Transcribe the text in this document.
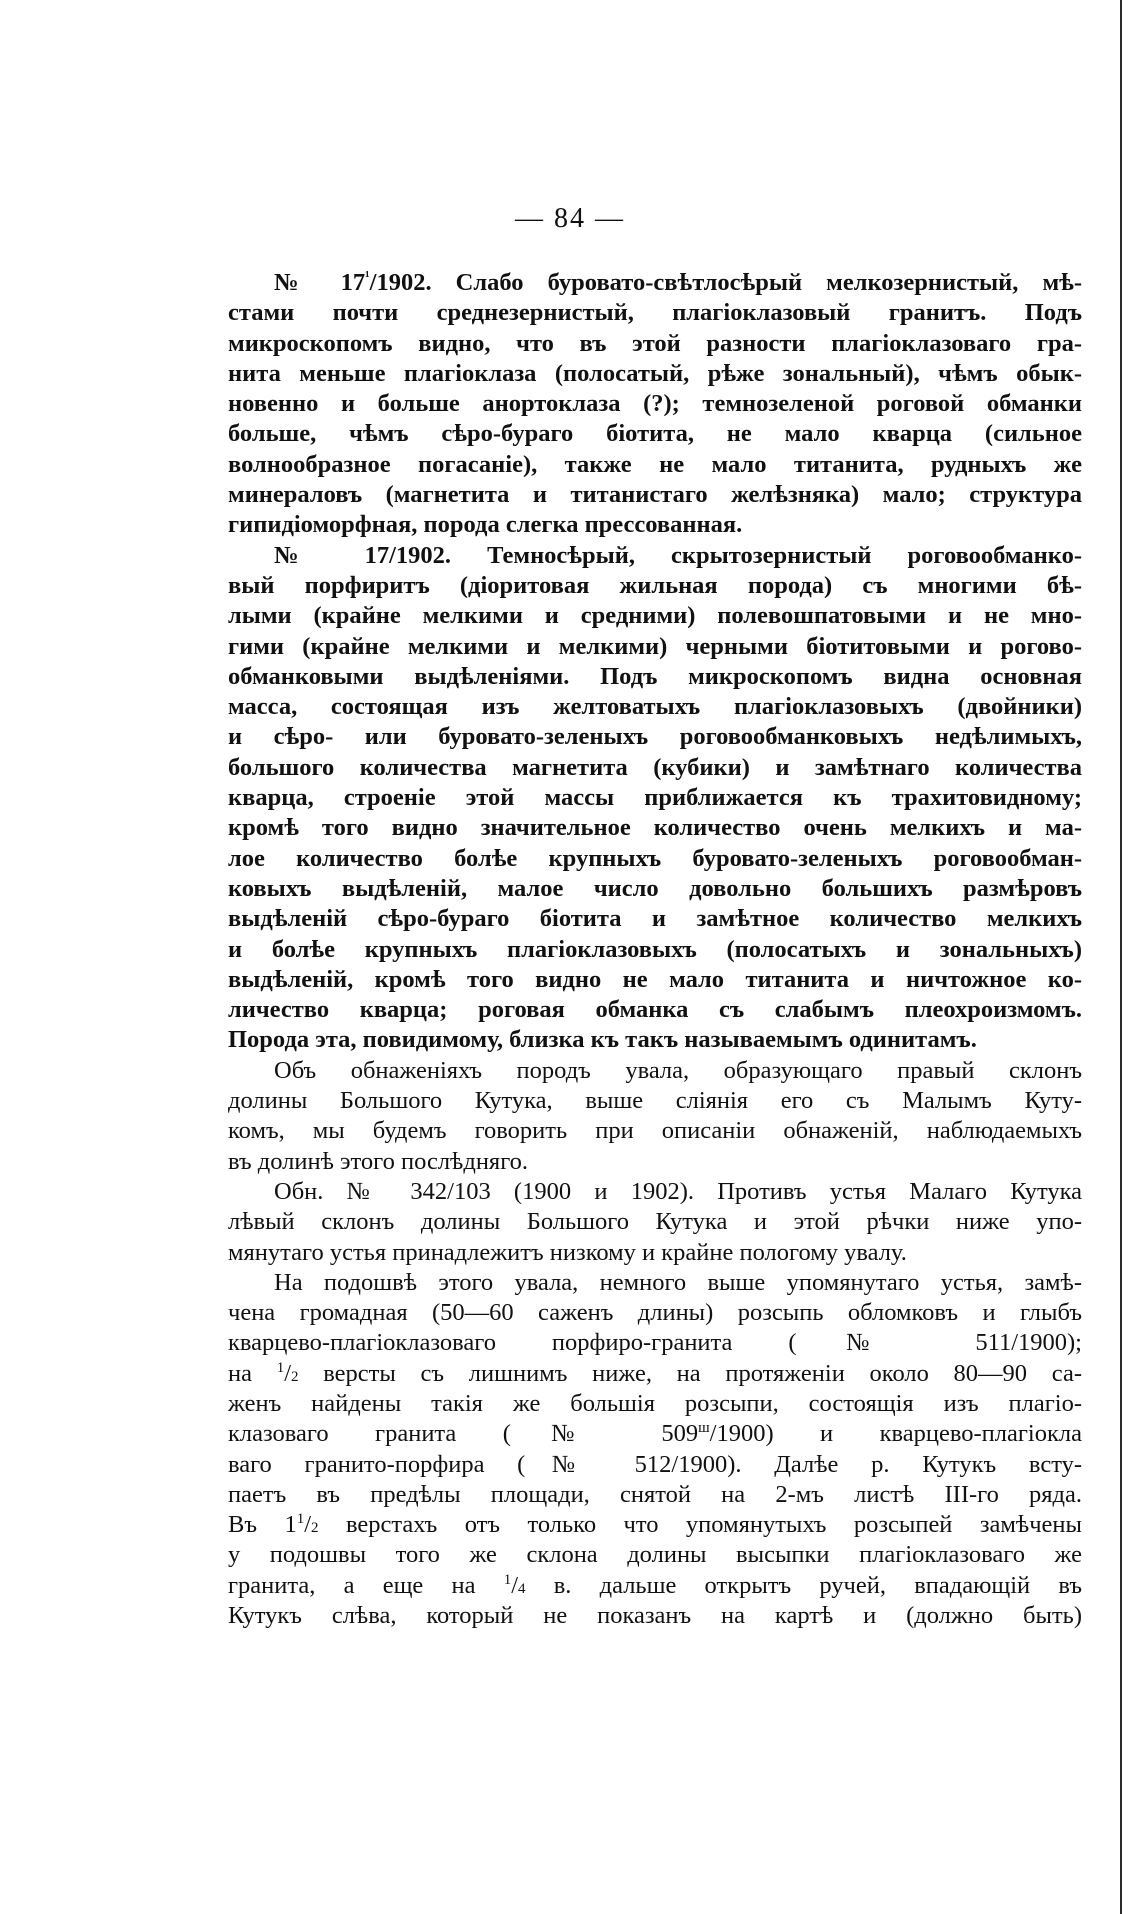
— 84 —
№ $17^{^1}/1902$. Слабо буровато-свѣтлосѣрый мелкозернистый, мѣ-
стами почти среднезернистый, плагіоклазовый гранитъ. Подъ
микроскопомъ видно, что въ этой разности плагіоклазоваго гра-
нита меньше плагіоклаза (полосатый, рѣже зональный), чѣмъ обык-
новенно и больше анортоклаза (?); темнозеленой роговой обманки
больше, чѣмъ сѣро-бураго біотита, не мало кварца (сильное
волнообразное погасаніе), также не мало титанита, рудныхъ же
минераловъ (магнетита и титанистаго желѣзняка) мало; структура
гипидіоморфная, порода слегка прессованная.
№ 17/1902. Темносѣрый, скрытозернистый роговообманко-
вый порфиритъ (діоритовая жильная порода) съ многими бѣ-
лыми (крайне мелкими и средними) полевошпатовыми и не мно-
гими (крайне мелкими и мелкими) черными біотитовыми и рогово-
обманковыми выдѣленіями. Подъ микроскопомъ видна основная
масса, состоящая изъ желтоватыхъ плагіоклазовыхъ (двойники)
и сѣро- или буровато-зеленыхъ роговообманковыхъ недѣлимыхъ,
большого количества магнетита (кубики) и замѣтнаго количества
кварца, строеніе этой массы приближается къ трахитовидному;
кромѣ того видно значительное количество очень мелкихъ и ма-
лое количество болѣе крупныхъ буровато-зеленыхъ роговообман-
ковыхъ выдѣленій, малое число довольно большихъ размѣровъ
выдѣленій сѣро-бураго біотита и замѣтное количество мелкихъ
и болѣе крупныхъ плагіоклазовыхъ (полосатыхъ и зональныхъ)
выдѣленій, кромѣ того видно не мало титанита и ничтожное ко-
личество кварца; роговая обманка съ слабымъ плеохроизмомъ.
Порода эта, повидимому, близка къ такъ называемымъ одинитамъ.
Объ обнаженіяхъ породъ увала, образующаго правый склонъ
долины Большого Кутука, выше сліянія его съ Малымъ Куту-
комъ, мы будемъ говорить при описаніи обнаженій, наблюдаемыхъ
въ долинѣ этого послѣдняго.
Обн. № 342/103 (1900 и 1902). Противъ устья Малаго Кутука
лѣвый склонъ долины Большого Кутука и этой рѣчки ниже упо-
мянутаго устья принадлежитъ низкому и крайне пологому увалу.
На подошвѣ этого увала, немного выше упомянутаго устья, замѣ-
чена громадная (50—60 саженъ длины) розсыпь обломковъ и глыбъ
кварцево-плагіоклазоваго порфиро-гранита (№ 511/1900);
на $^1$/2 версты съ лишнимъ ниже, на протяженіи около 80—90 са-
женъ найдены такія же большія розсыпи, состоящія изъ плагіо-
клазоваго гранита (№ $509^ш/1900$) и кварцево-плагіокла
ваго гранито-порфира (№ 512/1900). Далѣе р. Кутукъ всту-
паетъ въ предѣлы площади, снятой на 2-мъ листѣ III-го ряда.
Въ $1^1/2$ верстахъ отъ только что упомянутыхъ розсыпей замѣчены
у подошвы того же склона долины высыпки плагіоклазоваго же
гранита, а еще на $^1$/4 в. дальше открытъ ручей, впадающій въ
Кутукъ слѣва, который не показанъ на картѣ и (должно быть)
